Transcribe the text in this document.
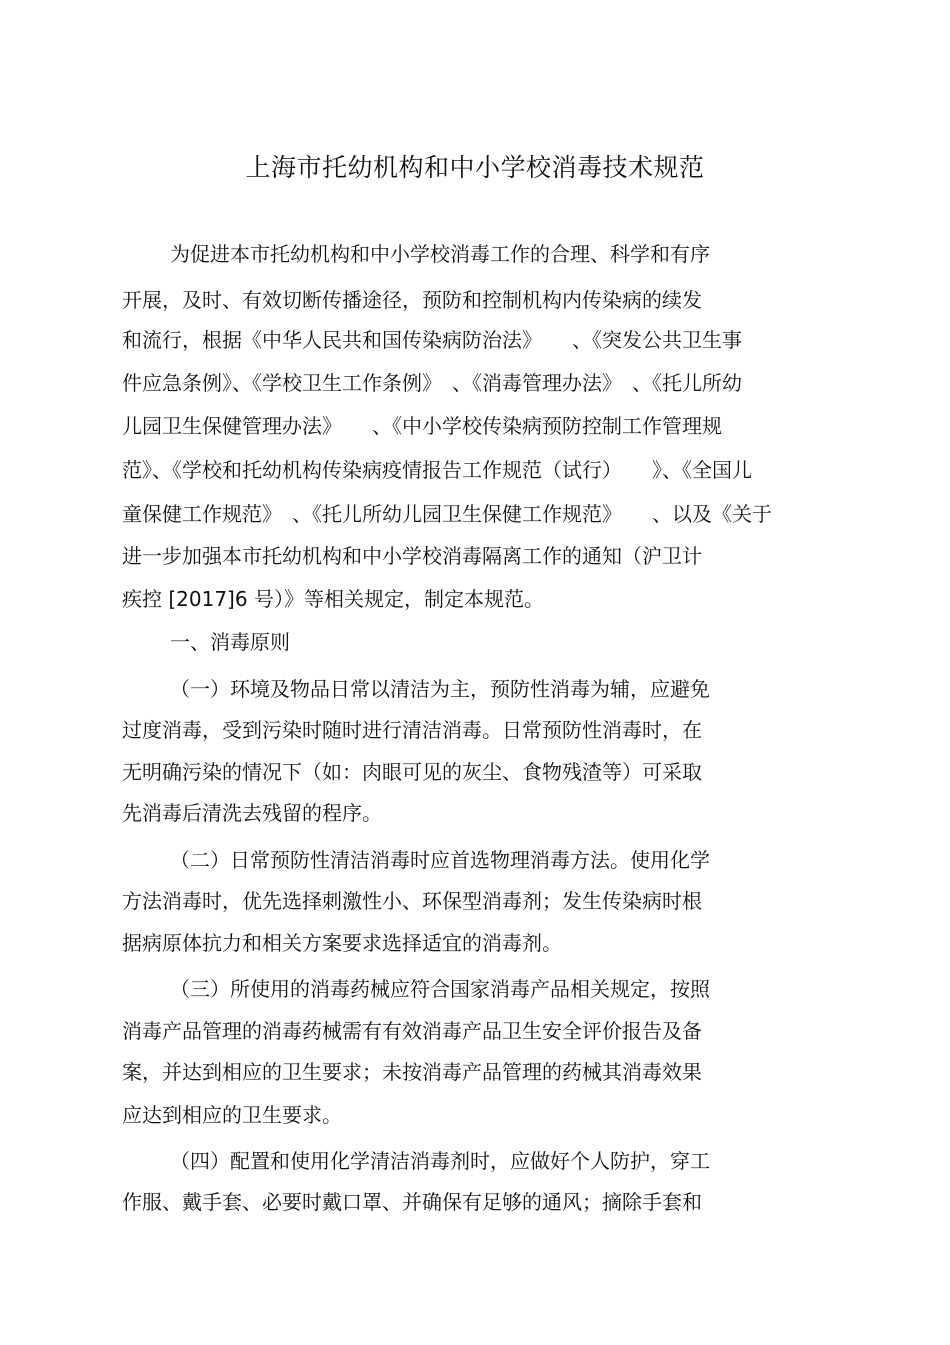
上海市托幼机构和中小学校消毒技术规范
为促进本市托幼机构和中小学校消毒工作的合理、科学和有序
开展，及时、有效切断传播途径，预防和控制机构内传染病的续发
和流行，根据《中华人民共和国传染病防治法》　　、《突发公共卫生事
件应急条例》、《学校卫生工作条例》　、《消毒管理办法》　、《托儿所幼
儿园卫生保健管理办法》　　、《中小学校传染病预防控制工作管理规
范》、《学校和托幼机构传染病疫情报告工作规范（试行）　　》、《全国儿
童保健工作规范》　、《托儿所幼儿园卫生保健工作规范》　　、以及《关于
进一步加强本市托幼机构和中小学校消毒隔离工作的通知（沪卫计
疾控 [2017]6 号）》等相关规定，制定本规范。
一、消毒原则
（一）环境及物品日常以清洁为主，预防性消毒为辅，应避免
过度消毒，受到污染时随时进行清洁消毒。日常预防性消毒时，在
无明确污染的情况下（如：肉眼可见的灰尘、食物残渣等）可采取
先消毒后清洗去残留的程序。
（二）日常预防性清洁消毒时应首选物理消毒方法。使用化学
方法消毒时，优先选择刺激性小、环保型消毒剂；发生传染病时根
据病原体抗力和相关方案要求选择适宜的消毒剂。
（三）所使用的消毒药械应符合国家消毒产品相关规定，按照
消毒产品管理的消毒药械需有有效消毒产品卫生安全评价报告及备
案，并达到相应的卫生要求；未按消毒产品管理的药械其消毒效果
应达到相应的卫生要求。
（四）配置和使用化学清洁消毒剂时，应做好个人防护，穿工
作服、戴手套、必要时戴口罩、并确保有足够的通风；摘除手套和
